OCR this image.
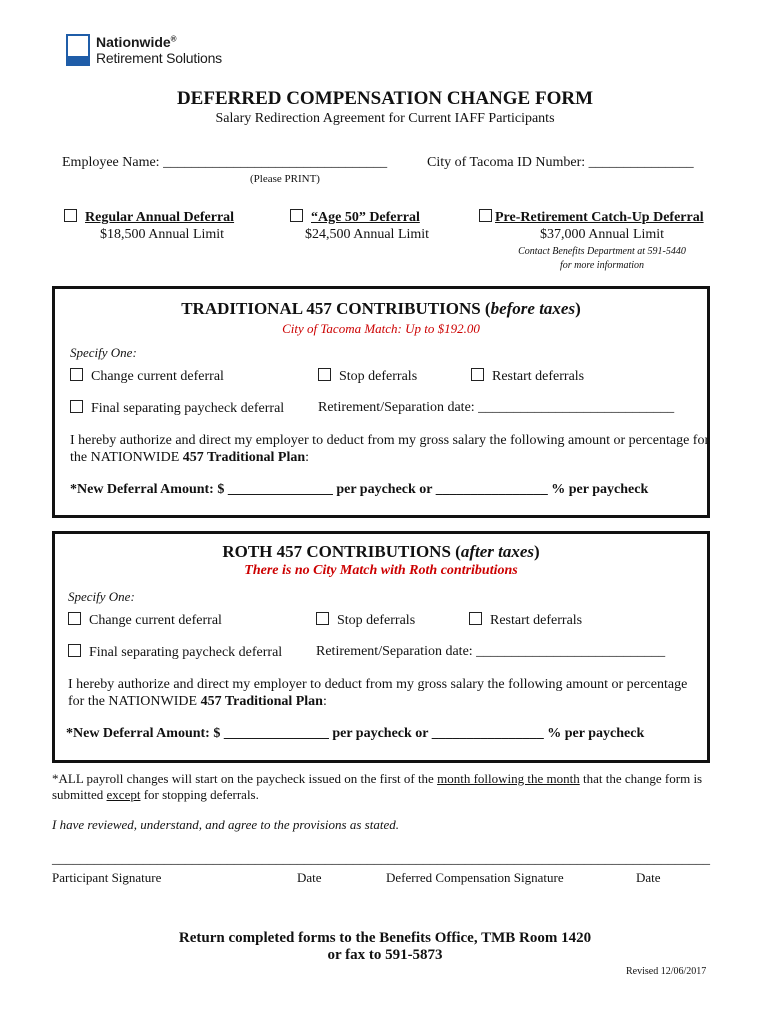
Nationwide®
Retirement Solutions
DEFERRED COMPENSATION CHANGE FORM
Salary Redirection Agreement for Current IAFF Participants
Employee Name: ________________________________
(Please PRINT)
City of Tacoma ID Number: _______________
Regular Annual Deferral
$18,500 Annual Limit
“Age 50” Deferral
$24,500 Annual Limit
Pre-Retirement Catch-Up Deferral
$37,000 Annual Limit
Contact Benefits Department at 591-5440
for more information
TRADITIONAL 457 CONTRIBUTIONS (before taxes)
City of Tacoma Match: Up to $192.00
Specify One:
Change current deferral	Stop deferrals	Restart deferrals
Final separating paycheck deferral Retirement/Separation date: ____________________________
I hereby authorize and direct my employer to deduct from my gross salary the following amount or percentage for
the NATIONWIDE 457 Traditional Plan:
*New Deferral Amount: $ _______________ per paycheck or ________________ % per paycheck
ROTH 457 CONTRIBUTIONS (after taxes)
There is no City Match with Roth contributions
Specify One:
Change current deferral	Stop deferrals	Restart deferrals
Final separating paycheck deferral Retirement/Separation date: ___________________________
I hereby authorize and direct my employer to deduct from my gross salary the following amount or percentage
for the NATIONWIDE 457 Traditional Plan:
*New Deferral Amount: $ _______________ per paycheck or ________________ % per paycheck
*ALL payroll changes will start on the paycheck issued on the first of the month following the month that the change form is
submitted except for stopping deferrals.
I have reviewed, understand, and agree to the provisions as stated.
_______________________________________________ _______________________________________________
Participant Signature	Date	Deferred Compensation Signature	Date
Return completed forms to the Benefits Office, TMB Room 1420
or fax to 591-5873
Revised 12/06/2017
